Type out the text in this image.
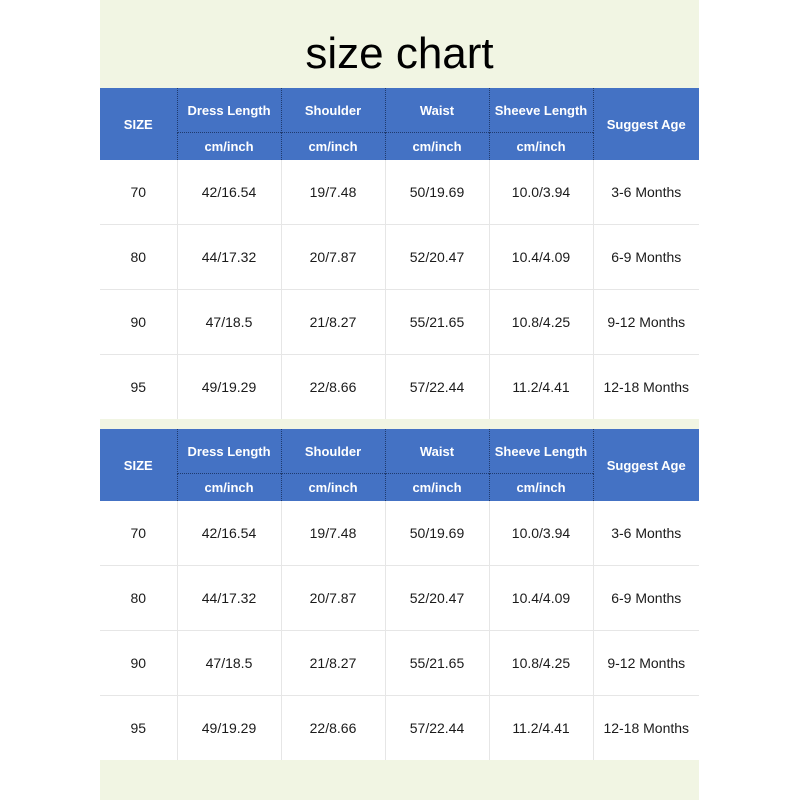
size chart
SIZE	Dress Length	Shoulder	Waist	Sheeve Length	Suggest Age
	cm/inch	cm/inch	cm/inch	cm/inch	
70	42/16.54	19/7.48	50/19.69	10.0/3.94	3-6 Months
80	44/17.32	20/7.87	52/20.47	10.4/4.09	6-9 Months
90	47/18.5	21/8.27	55/21.65	10.8/4.25	9-12 Months
95	49/19.29	22/8.66	57/22.44	11.2/4.41	12-18 Months
SIZE	Dress Length	Shoulder	Waist	Sheeve Length	Suggest Age
	cm/inch	cm/inch	cm/inch	cm/inch	
70	42/16.54	19/7.48	50/19.69	10.0/3.94	3-6 Months
80	44/17.32	20/7.87	52/20.47	10.4/4.09	6-9 Months
90	47/18.5	21/8.27	55/21.65	10.8/4.25	9-12 Months
95	49/19.29	22/8.66	57/22.44	11.2/4.41	12-18 Months
